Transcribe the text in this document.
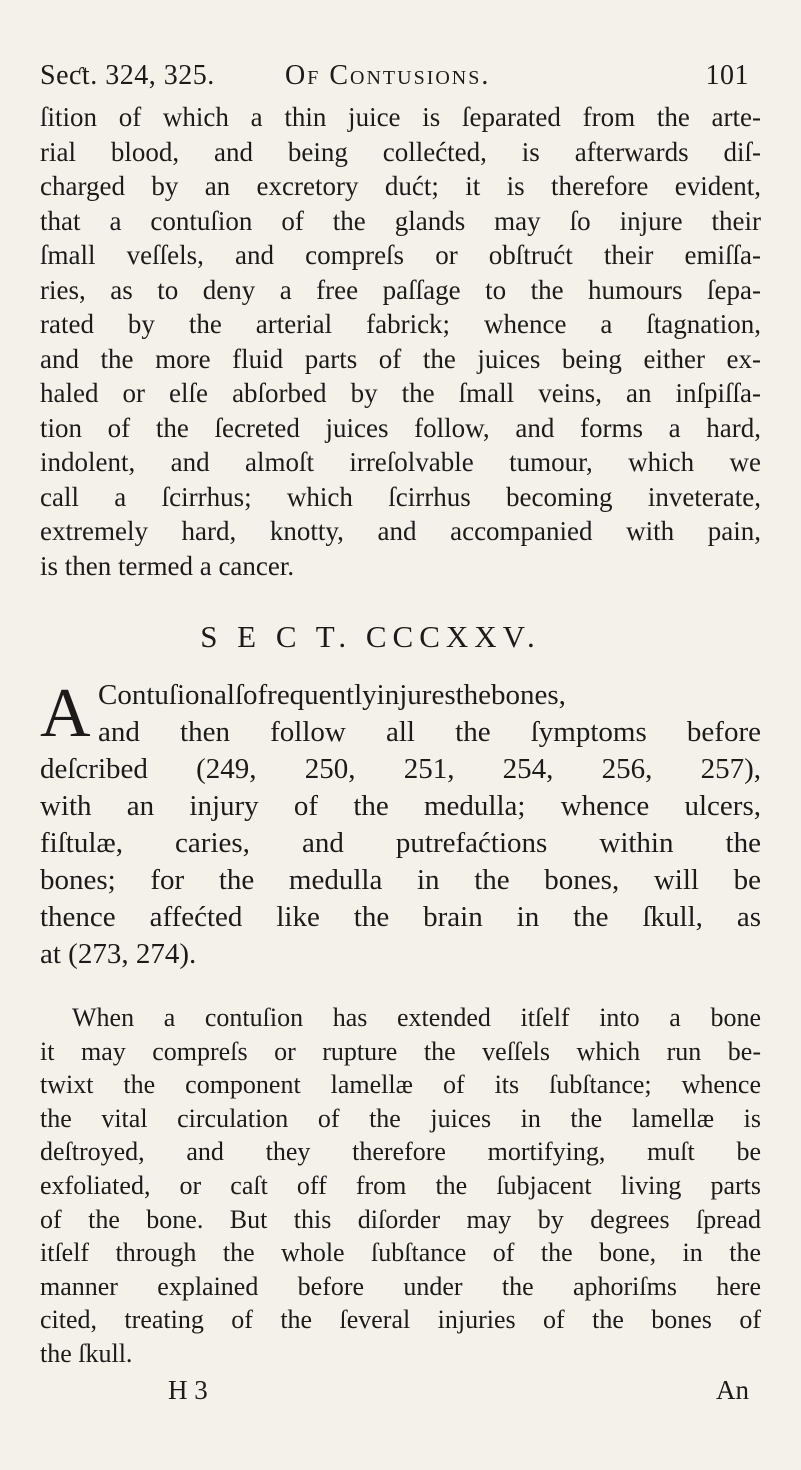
Seƈt. 324, 325.	Of Contusions.	101

ſition of which a thin juice is ſeparated from the arte-
rial blood, and being collećted, is afterwards diſ-
charged by an excretory dućt; it is therefore evident,
that a contuſion of the glands may ſo injure their
ſmall veſſels, and compreſs or obſtrućt their emiſſa-
ries, as to deny a free paſſage to the humours ſepa-
rated by the arterial fabrick; whence a ſtagnation,
and the more fluid parts of the juices being either ex-
haled or elſe abſorbed by the ſmall veins, an inſpiſſa-
tion of the ſecreted juices follow, and forms a hard,
indolent, and almoſt irreſolvable tumour, which we
call a ſcirrhus; which ſcirrhus becoming inveterate,
extremely hard, knotty, and accompanied with pain,
is then termed a cancer.

S E C T. CCCXXV.
A Contuſionalſofrequentlyinjuresthebones,
and then follow all the ſymptoms before
deſcribed (249, 250, 251, 254, 256, 257),
with an injury of the medulla; whence ulcers,
fiſtulæ, caries, and putrefaćtions within the
bones; for the medulla in the bones, will be
thence affećted like the brain in the ſkull, as
at (273, 274).
When a contuſion has extended itſelf into a bone
it may compreſs or rupture the veſſels which run be-
twixt the component lamellæ of its ſubſtance; whence
the vital circulation of the juices in the lamellæ is
deſtroyed, and they therefore mortifying, muſt be
exfoliated, or caſt off from the ſubjacent living parts
of the bone. But this diſorder may by degrees ſpread
itſelf through the whole ſubſtance of the bone, in the
manner explained before under the aphoriſms here
cited, treating of the ſeveral injuries of the bones of
the ſkull.
H 3	An
